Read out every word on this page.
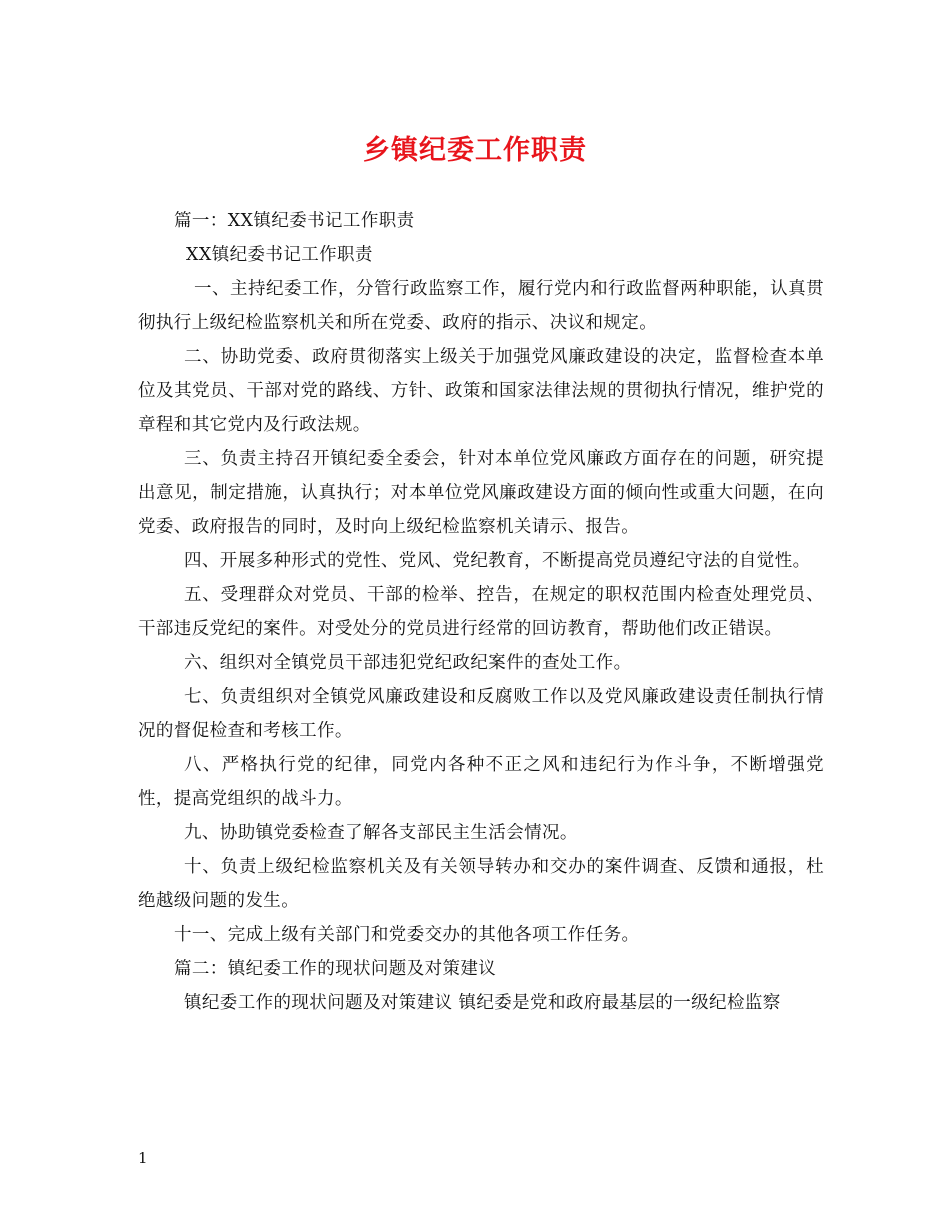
乡镇纪委工作职责

篇一：XX镇纪委书记工作职责

XX镇纪委书记工作职责

一、主持纪委工作，分管行政监察工作，履行党内和行政监督两种职能，认真贯彻执行上级纪检监察机关和所在党委、政府的指示、决议和规定。

二、协助党委、政府贯彻落实上级关于加强党风廉政建设的决定，监督检查本单位及其党员、干部对党的路线、方针、政策和国家法律法规的贯彻执行情况，维护党的章程和其它党内及行政法规。

三、负责主持召开镇纪委全委会，针对本单位党风廉政方面存在的问题，研究提出意见，制定措施，认真执行；对本单位党风廉政建设方面的倾向性或重大问题，在向党委、政府报告的同时，及时向上级纪检监察机关请示、报告。

四、开展多种形式的党性、党风、党纪教育，不断提高党员遵纪守法的自觉性。

五、受理群众对党员、干部的检举、控告，在规定的职权范围内检查处理党员、干部违反党纪的案件。对受处分的党员进行经常的回访教育，帮助他们改正错误。

六、组织对全镇党员干部违犯党纪政纪案件的查处工作。

七、负责组织对全镇党风廉政建设和反腐败工作以及党风廉政建设责任制执行情况的督促检查和考核工作。

八、严格执行党的纪律，同党内各种不正之风和违纪行为作斗争，不断增强党性，提高党组织的战斗力。

九、协助镇党委检查了解各支部民主生活会情况。

十、负责上级纪检监察机关及有关领导转办和交办的案件调查、反馈和通报，杜绝越级问题的发生。

十一、完成上级有关部门和党委交办的其他各项工作任务。

篇二：镇纪委工作的现状问题及对策建议

镇纪委工作的现状问题及对策建议 镇纪委是党和政府最基层的一级纪检监察

1
